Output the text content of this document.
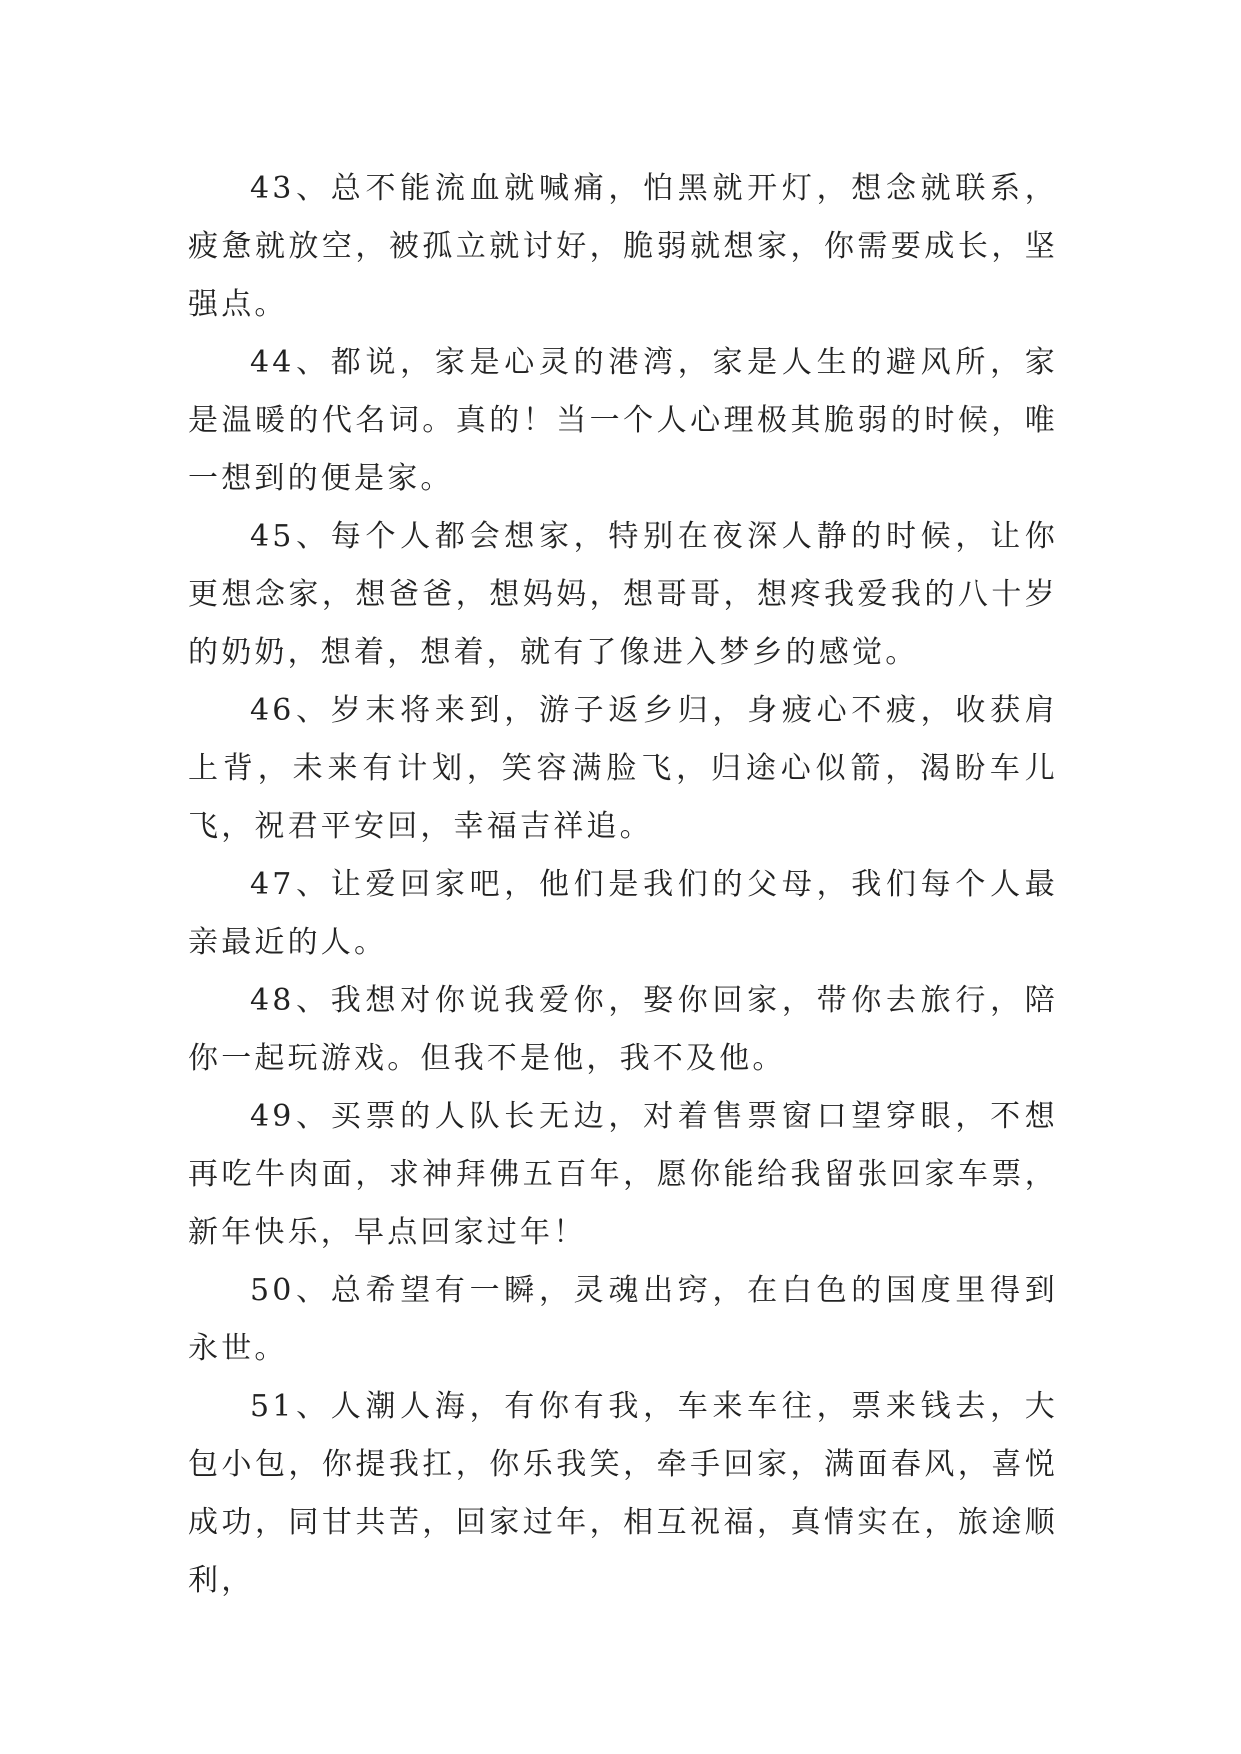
43、总不能流血就喊痛，怕黑就开灯，想念就联系，疲惫就放空，被孤立就讨好，脆弱就想家，你需要成长，坚强点。

44、都说，家是心灵的港湾，家是人生的避风所，家是温暖的代名词。真的！当一个人心理极其脆弱的时候，唯一想到的便是家。

45、每个人都会想家，特别在夜深人静的时候，让你更想念家，想爸爸，想妈妈，想哥哥，想疼我爱我的八十岁的奶奶，想着，想着，就有了像进入梦乡的感觉。

46、岁末将来到，游子返乡归，身疲心不疲，收获肩上背，未来有计划，笑容满脸飞，归途心似箭，渴盼车儿飞，祝君平安回，幸福吉祥追。

47、让爱回家吧，他们是我们的父母，我们每个人最亲最近的人。

48、我想对你说我爱你，娶你回家，带你去旅行，陪你一起玩游戏。但我不是他，我不及他。

49、买票的人队长无边，对着售票窗口望穿眼，不想再吃牛肉面，求神拜佛五百年，愿你能给我留张回家车票，新年快乐，早点回家过年！

50、总希望有一瞬，灵魂出窍，在白色的国度里得到永世。

51、人潮人海，有你有我，车来车往，票来钱去，大包小包，你提我扛，你乐我笑，牵手回家，满面春风，喜悦成功，同甘共苦，回家过年，相互祝福，真情实在，旅途顺利，
